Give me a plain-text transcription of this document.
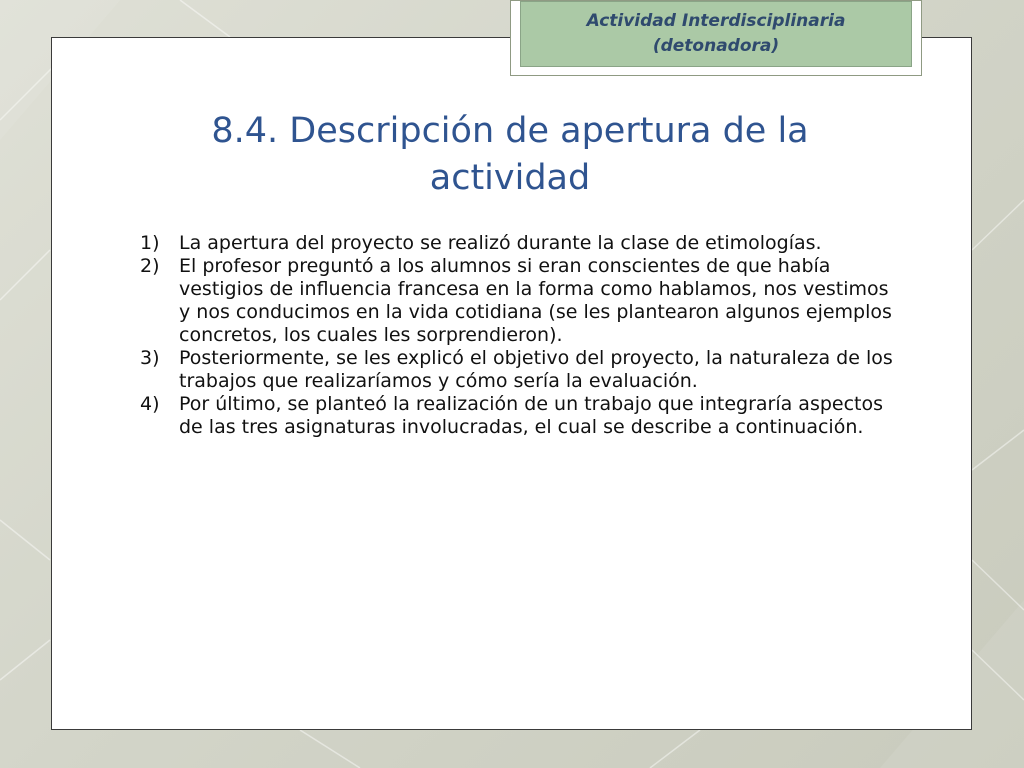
Actividad Interdisciplinaria
(detonadora)
8.4. Descripción de apertura de la
actividad
1) La apertura del proyecto se realizó durante la clase de etimologías.
2) El profesor preguntó a los alumnos si eran conscientes de que había vestigios de influencia francesa en la forma como hablamos, nos vestimos y nos conducimos en la vida cotidiana (se les plantearon algunos ejemplos concretos, los cuales les sorprendieron).
3) Posteriormente, se les explicó el objetivo del proyecto, la naturaleza de los trabajos que realizaríamos y cómo sería la evaluación.
4) Por último, se planteó la realización de un trabajo que integraría aspectos de las tres asignaturas involucradas, el cual se describe a continuación.
